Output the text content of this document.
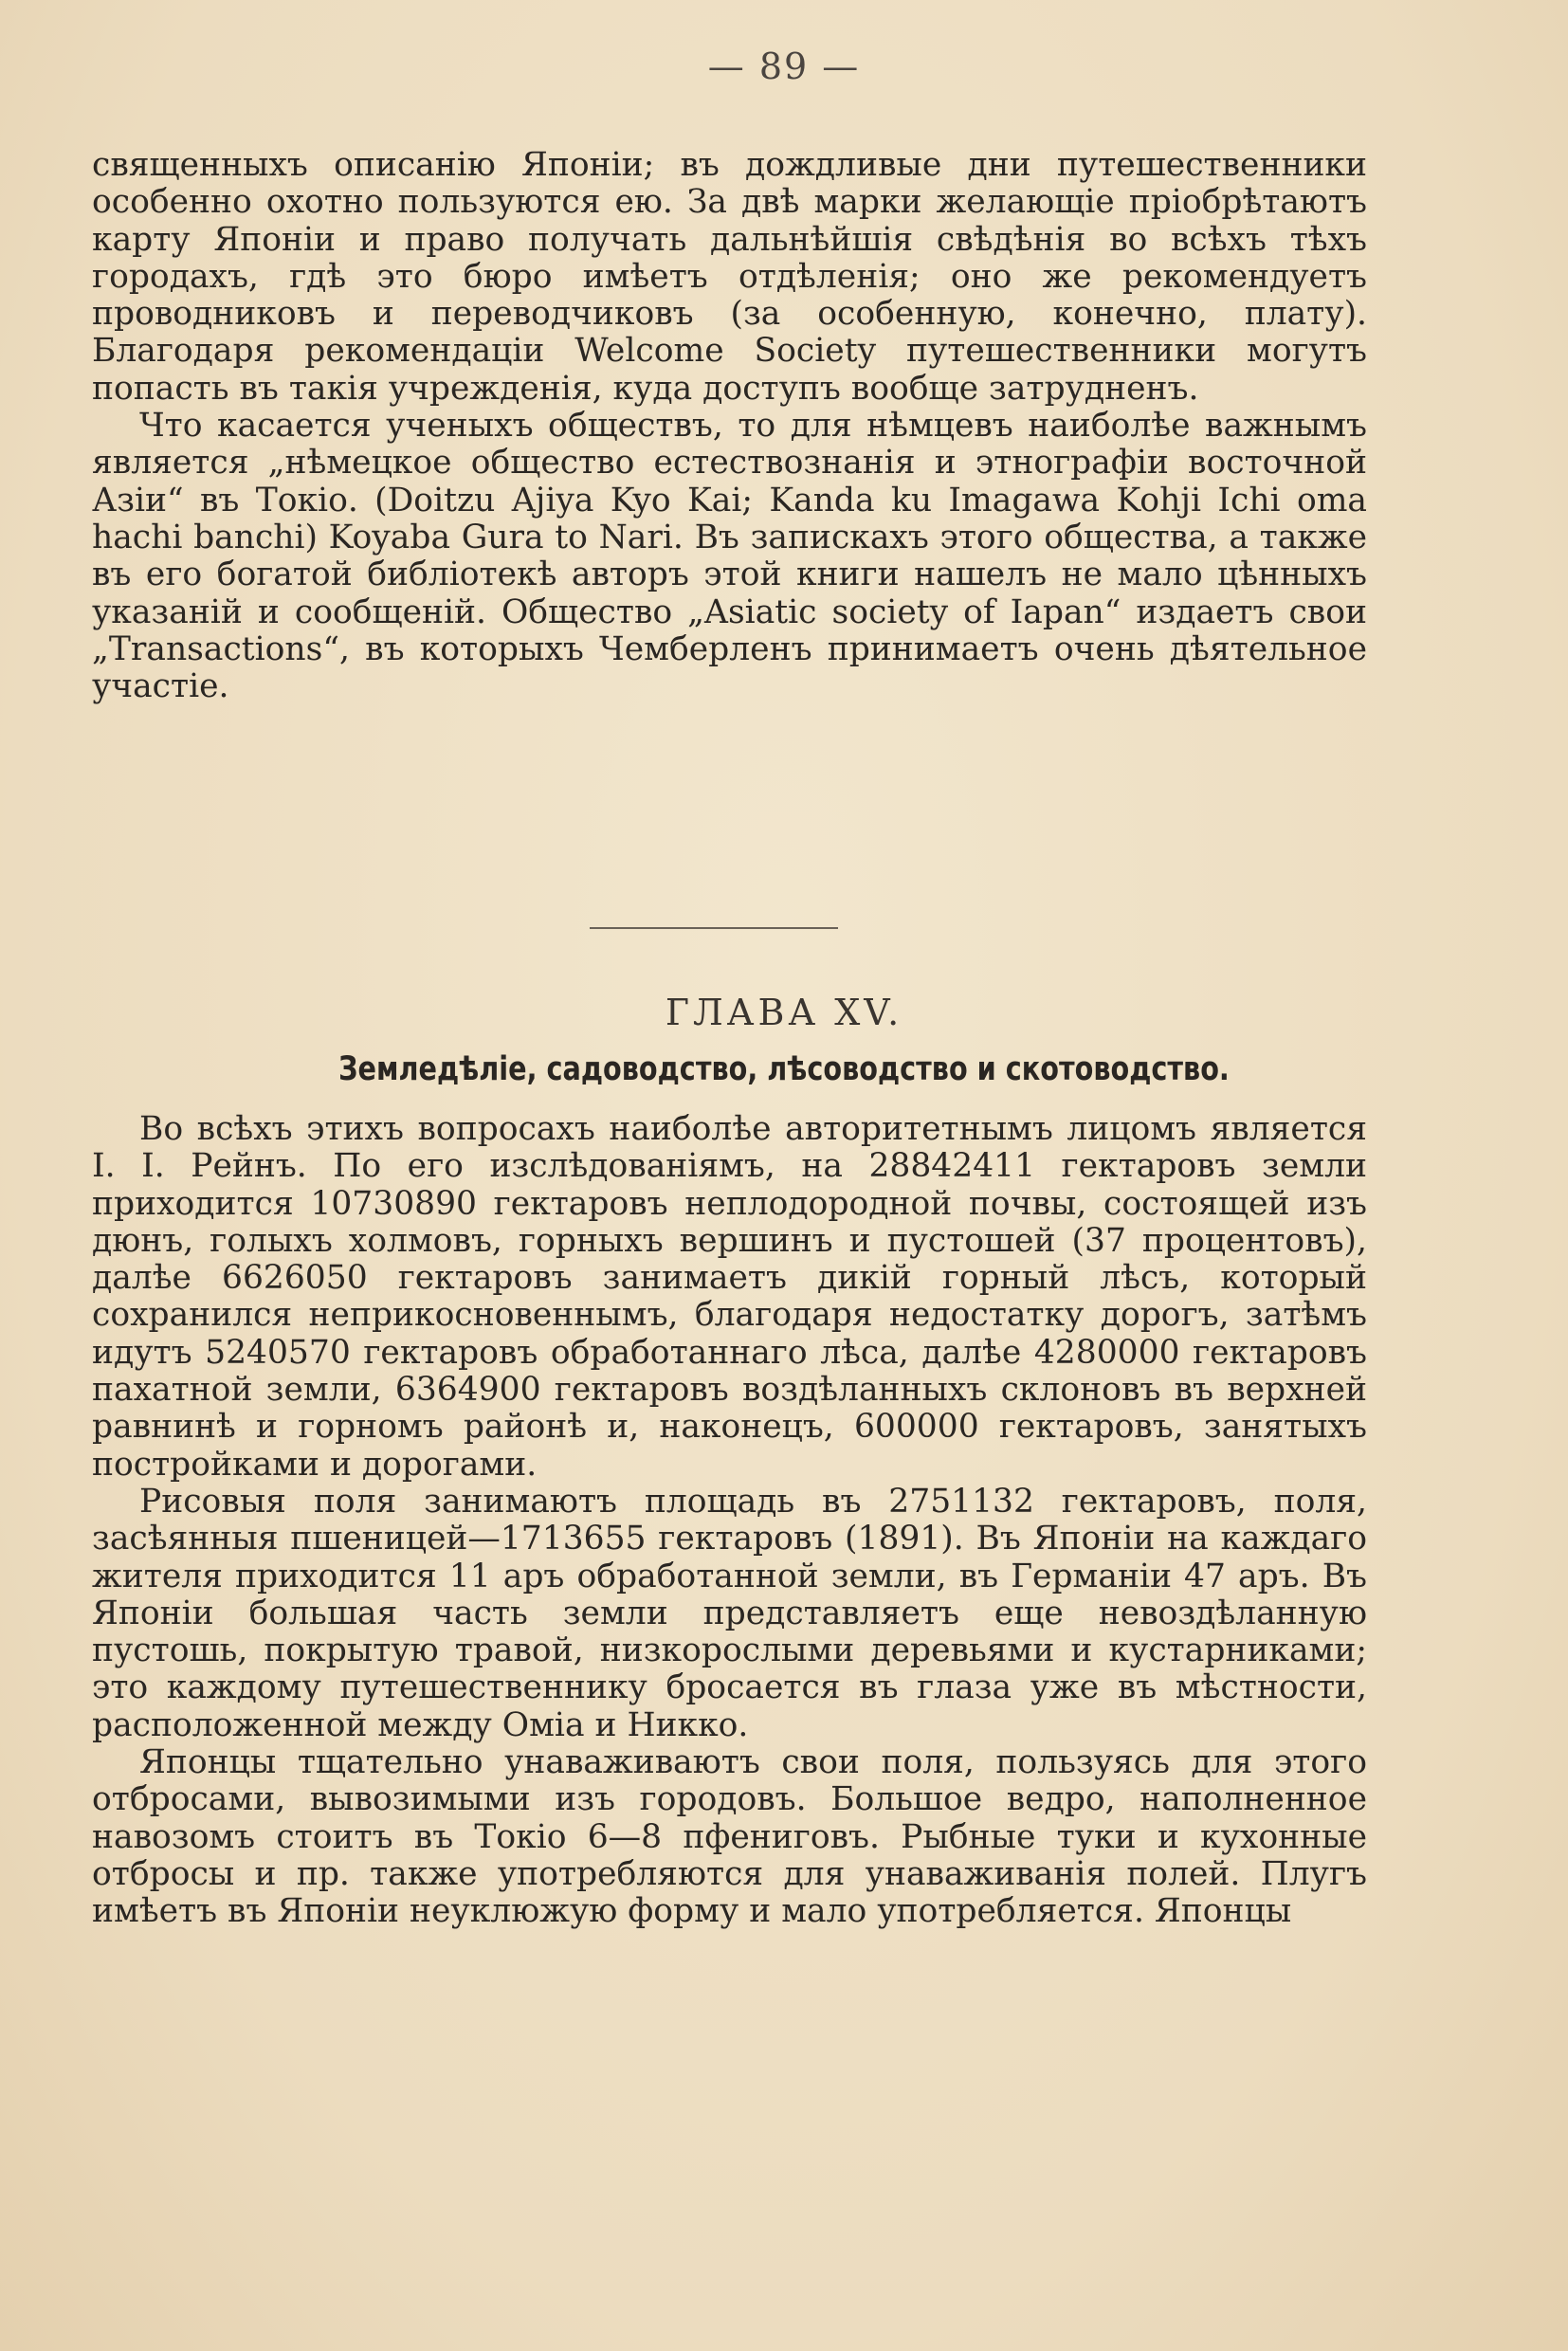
— 89 —

священныхъ описанію Японіи; въ дождливые дни путешественники особенно охотно пользуются ею. За двѣ марки желающіе пріобрѣтаютъ карту Японіи и право получать дальнѣйшія свѣдѣнія во всѣхъ тѣхъ городахъ, гдѣ это бюро имѣетъ отдѣленія; оно же рекомендуетъ проводниковъ и переводчиковъ (за особенную, конечно, плату). Благодаря рекомендаціи Welcome Society путешественники могутъ попасть въ такія учрежденія, куда доступъ вообще затрудненъ.

Что касается ученыхъ обществъ, то для нѣмцевъ наиболѣе важнымъ является „нѣмецкое общество естествознанія и этнографіи восточной Азіи“ въ Токіо. (Doitzu Ajiya Kyo Kai; Kanda ku Imagawa Kohji Ichi oma hachi banchi) Koyaba Gura to Nari. Въ запискахъ этого общества, а также въ его богатой библіотекѣ авторъ этой книги нашелъ не мало цѣнныхъ указаній и сообщеній. Общество „Asiatic society of Iapan“ издаетъ свои „Transactions“, въ которыхъ Чемберленъ принимаетъ очень дѣятельное участіе.

ГЛАВА XV.
Земледѣліе, садоводство, лѣсоводство и скотоводство.

Во всѣхъ этихъ вопросахъ наиболѣе авторитетнымъ лицомъ является I. I. Рейнъ. По его изслѣдованіямъ, на 28842411 гектаровъ земли приходится 10730890 гектаровъ неплодородной почвы, состоящей изъ дюнъ, голыхъ холмовъ, горныхъ вершинъ и пустошей (37 процентовъ), далѣе 6626050 гектаровъ занимаетъ дикій горный лѣсъ, который сохранился неприкосновеннымъ, благодаря недостатку дорогъ, затѣмъ идутъ 5240570 гектаровъ обработаннаго лѣса, далѣе 4280000 гектаровъ пахатной земли, 6364900 гектаровъ воздѣланныхъ склоновъ въ верхней равнинѣ и горномъ районѣ и, наконецъ, 600000 гектаровъ, занятыхъ постройками и дорогами.

Рисовыя поля занимаютъ площадь въ 2751132 гектаровъ, поля, засѣянныя пшеницей—1713655 гектаровъ (1891). Въ Японіи на каждаго жителя приходится 11 аръ обработанной земли, въ Германіи 47 аръ. Въ Японіи большая часть земли представляетъ еще невоздѣланную пустошь, покрытую травой, низкорослыми деревьями и кустарниками; это каждому путешественнику бросается въ глаза уже въ мѣстности, расположенной между Оміа и Никко.

Японцы тщательно унаваживаютъ свои поля, пользуясь для этого отбросами, вывозимыми изъ городовъ. Большое ведро, наполненное навозомъ стоитъ въ Токіо 6—8 пфениговъ. Рыбные туки и кухонные отбросы и пр. также употребляются для унаваживанія полей. Плугъ имѣетъ въ Японіи неуклюжую форму и мало употребляется. Японцы
